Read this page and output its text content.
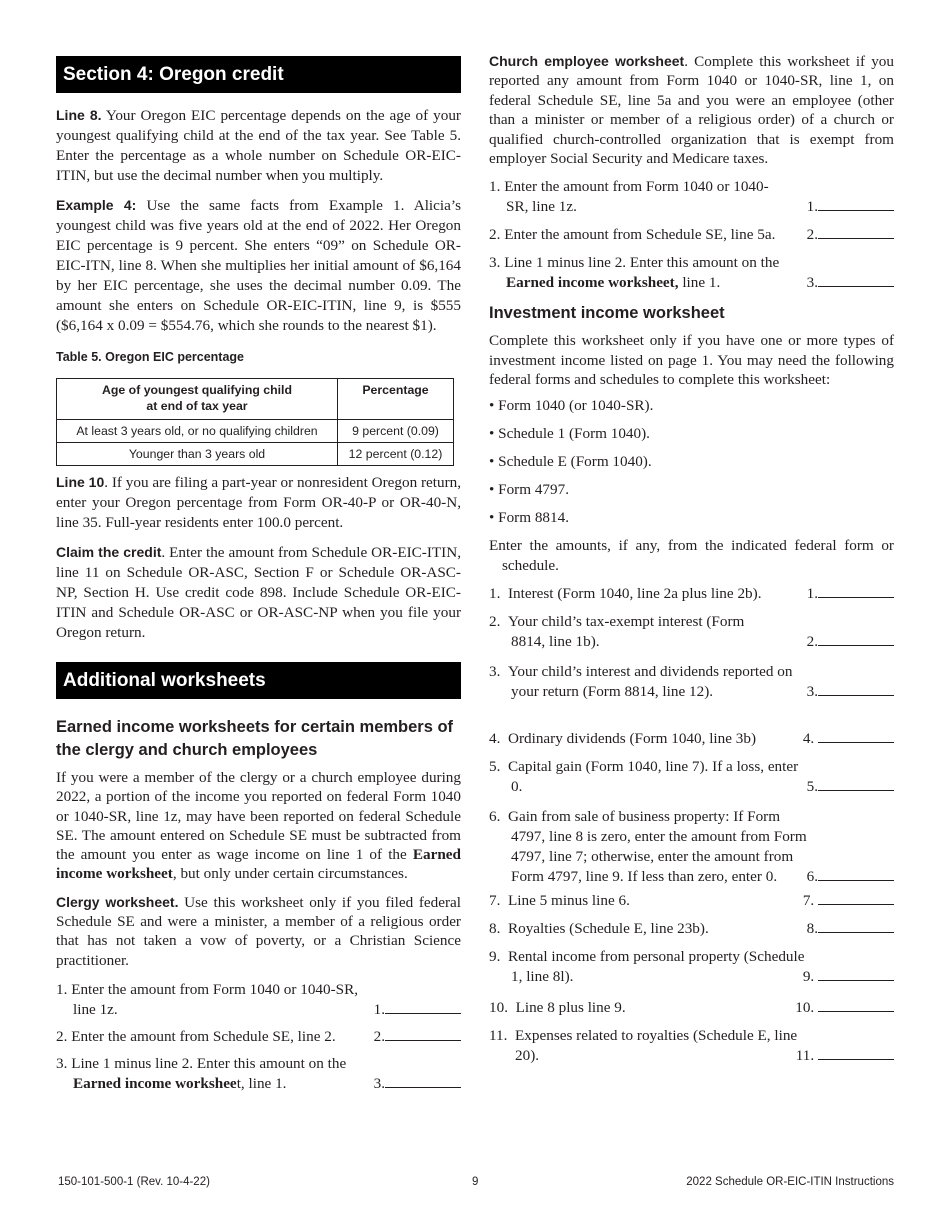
Section 4: Oregon credit

Line 8. Your Oregon EIC percentage depends on the age of your youngest qualifying child at the end of the tax year. See Table 5. Enter the percentage as a whole number on Schedule OR-EIC-ITIN, but use the decimal number when you multiply.

Example 4: Use the same facts from Example 1. Alicia’s youngest child was five years old at the end of 2022. Her Oregon EIC percentage is 9 percent. She enters “09” on Schedule OR-EIC-ITN, line 8. When she multiplies her initial amount of $6,164 by her EIC percentage, she uses the decimal number 0.09. The amount she enters on Schedule OR-EIC-ITIN, line 9, is $555 ($6,164 x 0.09 = $554.76, which she rounds to the nearest $1).

Table 5. Oregon EIC percentage

Age of youngest qualifying child
at end of tax year	Percentage
At least 3 years old, or no qualifying children	9 percent (0.09)
Younger than 3 years old	12 percent (0.12)

Line 10. If you are filing a part-year or nonresident Oregon return, enter your Oregon percentage from Form OR-40-P or OR-40-N, line 35. Full-year residents enter 100.0 percent.

Claim the credit. Enter the amount from Schedule OR-EIC-ITIN, line 11 on Schedule OR-ASC, Section F or Schedule OR-ASC-NP, Section H. Use credit code 898. Include Schedule OR-EIC-ITIN and Schedule OR-ASC or OR-ASC-NP when you file your Oregon return.

Additional worksheets
Earned income worksheets for certain members of the clergy and church employees

If you were a member of the clergy or a church employee during 2022, a portion of the income you reported on federal Form 1040 or 1040-SR, line 1z, may have been reported on federal Schedule SE. The amount entered on Schedule SE must be subtracted from the amount you enter as wage income on line 1 of the Earned income worksheet, but only under certain circumstances.

Clergy worksheet. Use this worksheet only if you filed federal Schedule SE and were a minister, a member of a religious order that has not taken a vow of poverty, or a Christian Science practitioner.

1. Enter the amount from Form 1040 or 1040-SR, line 1z.	1.
2. Enter the amount from Schedule SE, line 2.	2.
3. Line 1 minus line 2. Enter this amount on the Earned income worksheet, line 1.	3.

Church employee worksheet. Complete this worksheet if you reported any amount from Form 1040 or 1040-SR, line 1, on federal Schedule SE, line 5a and you were an employee (other than a minister or member of a religious order) of a church or qualified church-controlled organization that is exempt from employer Social Security and Medicare taxes.

1. Enter the amount from Form 1040 or 1040-SR, line 1z.	1.
2. Enter the amount from Schedule SE, line 5a.	2.
3. Line 1 minus line 2. Enter this amount on the Earned income worksheet, line 1.	3.
Investment income worksheet

Complete this worksheet only if you have one or more types of investment income listed on page 1. You may need the following federal forms and schedules to complete this worksheet:

• Form 1040 (or 1040-SR).

• Schedule 1 (Form 1040).

• Schedule E (Form 1040).

• Form 4797.

• Form 8814.

Enter the amounts, if any, from the indicated federal form or schedule.

1. Interest (Form 1040, line 2a plus line 2b).	1.
2. Your child’s tax-exempt interest (Form 8814, line 1b).	2.
3. Your child’s interest and dividends reported on your return (Form 8814, line 12).	3.
4. Ordinary dividends (Form 1040, line 3b)	4.
5. Capital gain (Form 1040, line 7). If a loss, enter 0.	5.
6. Gain from sale of business property: If Form 4797, line 8 is zero, enter the amount from Form 4797, line 7; otherwise, enter the amount from Form 4797, line 9. If less than zero, enter 0.	6.
7. Line 5 minus line 6.	7.
8. Royalties (Schedule E, line 23b).	8.
9. Rental income from personal property (Schedule 1, line 8l).	9.
10. Line 8 plus line 9.	10.
11. Expenses related to royalties (Schedule E, line 20).	11.
150-101-500-1 (Rev. 10-4-22)	9	2022 Schedule OR-EIC-ITIN Instructions
